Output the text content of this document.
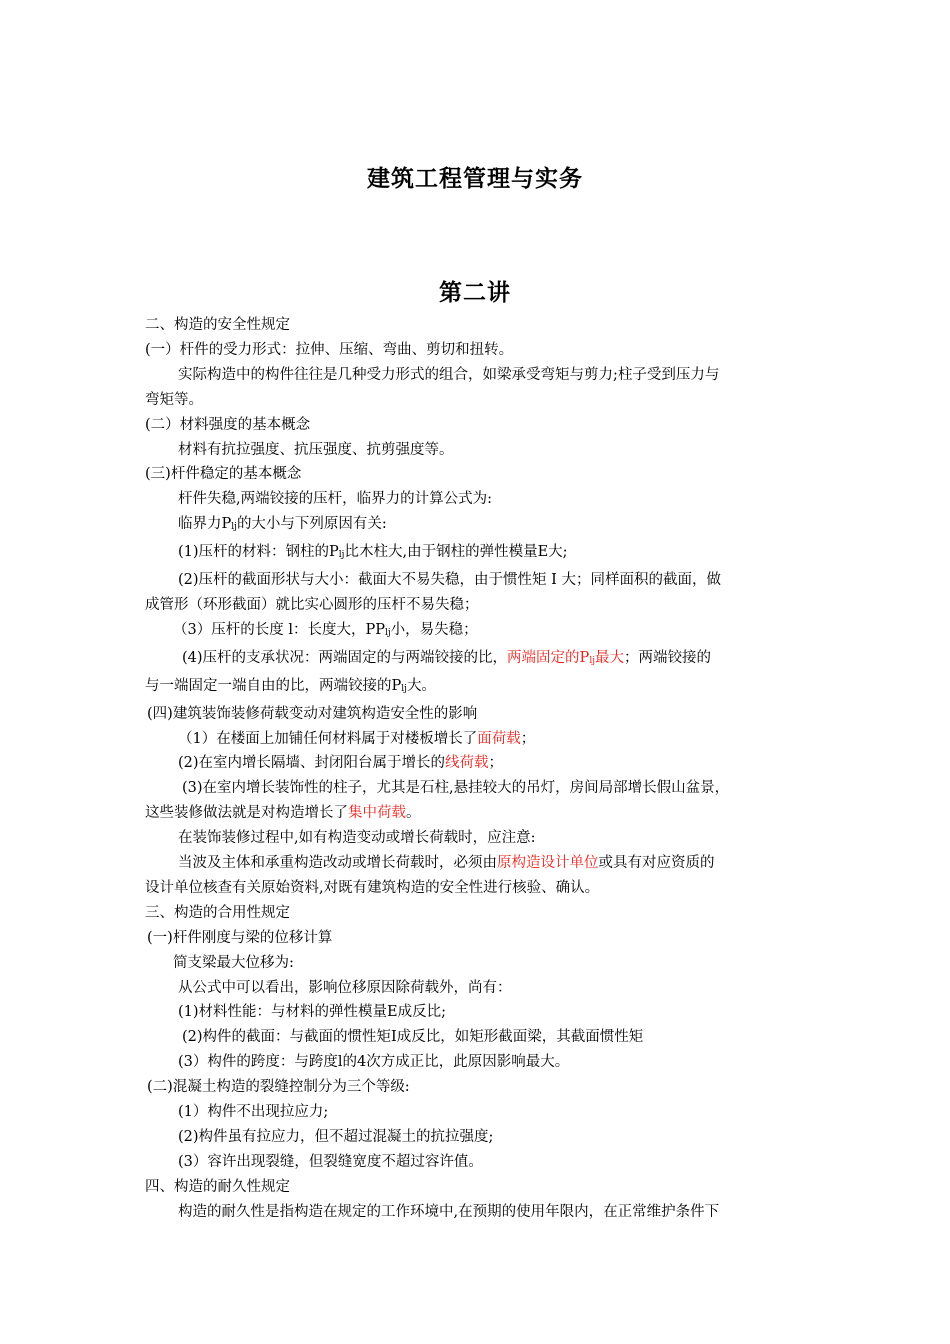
建筑工程管理与实务
第二讲

二、构造的安全性规定

(一）杆件的受力形式：拉伸、压缩、弯曲、剪切和扭转。

实际构造中的构件往往是几种受力形式的组合，如梁承受弯矩与剪力;柱子受到压力与

弯矩等。

(二）材料强度的基本概念

材料有抗拉强度、抗压强度、抗剪强度等。

(三)杆件稳定的基本概念

杆件失稳,两端铰接的压杆，临界力的计算公式为:

临界力Plj的大小与下列原因有关:

(1)压杆的材料：钢柱的Plj比木柱大,由于钢柱的弹性模量E大;

(2)压杆的截面形状与大小：截面大不易失稳，由于惯性矩 I 大；同样面积的截面，做

成管形（环形截面）就比实心圆形的压杆不易失稳；

（3）压杆的长度 l：长度大，PPlj小，易失稳；

(4)压杆的支承状况：两端固定的与两端铰接的比，两端固定的Plj最大；两端铰接的

与一端固定一端自由的比，两端铰接的Plj大。

(四)建筑装饰装修荷载变动对建筑构造安全性的影响

（1）在楼面上加铺任何材料属于对楼板增长了面荷载；

(2)在室内增长隔墙、封闭阳台属于增长的线荷载；

(3)在室内增长装饰性的柱子，尤其是石柱,悬挂较大的吊灯，房间局部增长假山盆景，

这些装修做法就是对构造增长了集中荷载。

在装饰装修过程中,如有构造变动或增长荷载时，应注意:

当波及主体和承重构造改动或增长荷载时，必须由原构造设计单位或具有对应资质的

设计单位核查有关原始资料,对既有建筑构造的安全性进行核验、确认。

三、构造的合用性规定

(一)杆件刚度与梁的位移计算

简支梁最大位移为:

从公式中可以看出，影响位移原因除荷载外，尚有：

(1)材料性能：与材料的弹性模量E成反比;

(2)构件的截面：与截面的惯性矩I成反比，如矩形截面梁，其截面惯性矩

(3）构件的跨度：与跨度l的4次方成正比，此原因影响最大。

(二)混凝土构造的裂缝控制分为三个等级:

(1）构件不出现拉应力;

(2)构件虽有拉应力，但不超过混凝土的抗拉强度;

(3）容许出现裂缝，但裂缝宽度不超过容许值。

四、构造的耐久性规定

构造的耐久性是指构造在规定的工作环境中,在预期的使用年限内，在正常维护条件下
